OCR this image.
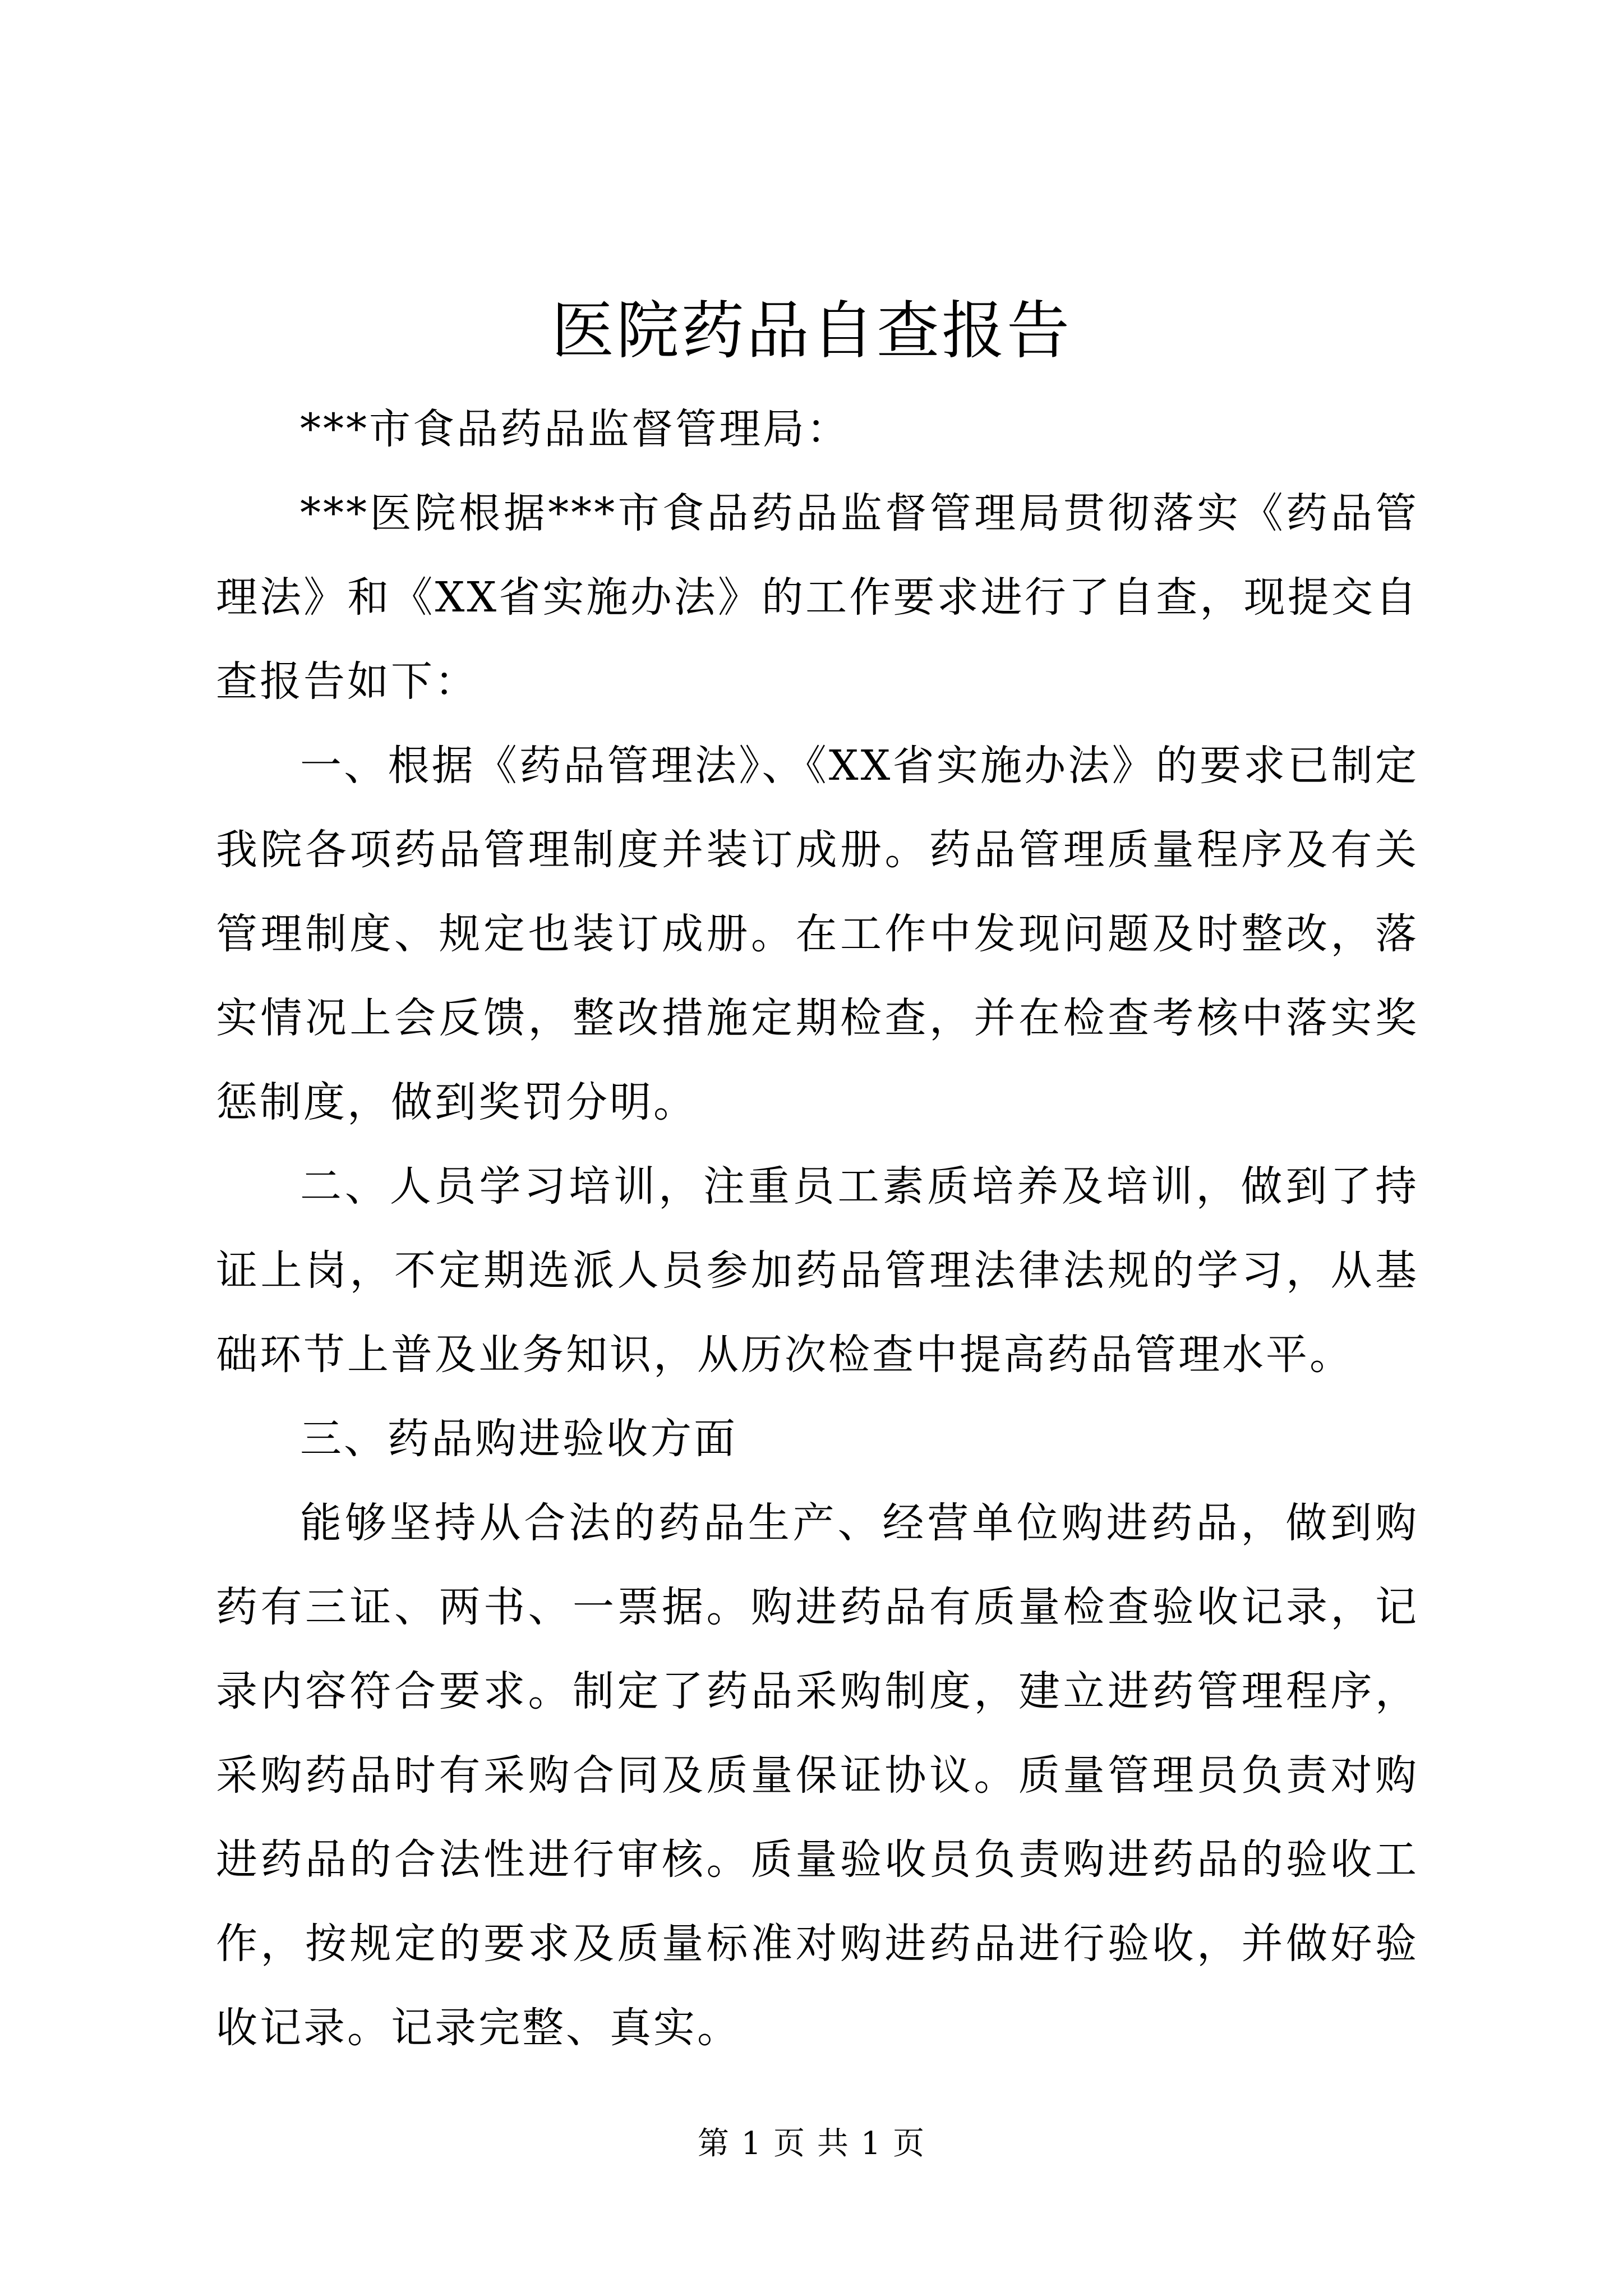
医院药品自查报告

***市食品药品监督管理局：

***医院根据***市食品药品监督管理局贯彻落实《药品管理法》和《XX省实施办法》的工作要求进行了自查，现提交自查报告如下：

一、根据《药品管理法》、《XX省实施办法》的要求已制定我院各项药品管理制度并装订成册。药品管理质量程序及有关管理制度、规定也装订成册。在工作中发现问题及时整改，落实情况上会反馈，整改措施定期检查，并在检查考核中落实奖惩制度，做到奖罚分明。

二、人员学习培训，注重员工素质培养及培训，做到了持证上岗，不定期选派人员参加药品管理法律法规的学习，从基础环节上普及业务知识，从历次检查中提高药品管理水平。

三、药品购进验收方面

能够坚持从合法的药品生产、经营单位购进药品，做到购药有三证、两书、一票据。购进药品有质量检查验收记录，记录内容符合要求。制定了药品采购制度，建立进药管理程序，采购药品时有采购合同及质量保证协议。质量管理员负责对购进药品的合法性进行审核。质量验收员负责购进药品的验收工作，按规定的要求及质量标准对购进药品进行验收，并做好验收记录。记录完整、真实。

第 1 页 共 1 页
